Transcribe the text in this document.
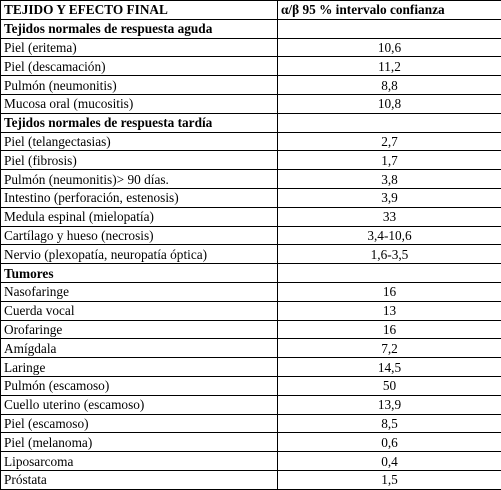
TEJIDO Y EFECTO FINAL	α/β 95 % intervalo confianza
Tejidos normales de respuesta aguda	
Piel (eritema)	10,6
Piel (descamación)	11,2
Pulmón (neumonitis)	8,8
Mucosa oral (mucositis)	10,8
Tejidos normales de respuesta tardía	
Piel (telangectasias)	2,7
Piel (fibrosis)	1,7
Pulmón (neumonitis)> 90 días.	3,8
Intestino (perforación, estenosis)	3,9
Medula espinal (mielopatía)	33
Cartílago y hueso (necrosis)	3,4-10,6
Nervio (plexopatía, neuropatía óptica)	1,6-3,5
Tumores	
Nasofaringe	16
Cuerda vocal	13
Orofaringe	16
Amígdala	7,2
Laringe	14,5
Pulmón (escamoso)	50
Cuello uterino (escamoso)	13,9
Piel (escamoso)	8,5
Piel (melanoma)	0,6
Liposarcoma	0,4
Próstata	1,5
